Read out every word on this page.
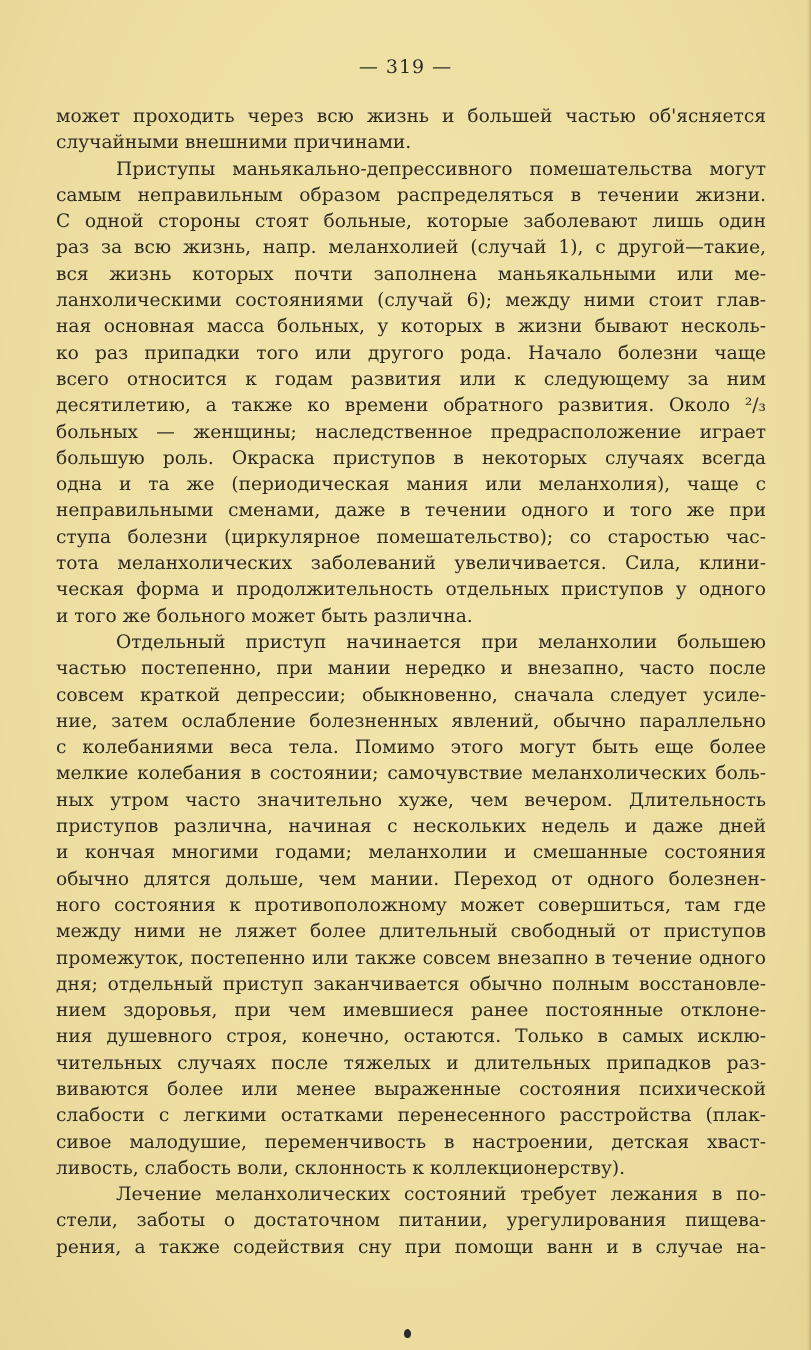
— 319 —
может проходить через всю жизнь и большей частью об'ясняется
случайными внешними причинами.
Приступы маньякально-депрессивного помешательства могут
самым неправильным образом распределяться в течении жизни.
С одной стороны стоят больные, которые заболевают лишь один
раз за всю жизнь, напр. меланхолией (случай 1), с другой—такие,
вся жизнь которых почти заполнена маньякальными или ме-
ланхолическими состояниями (случай 6); между ними стоит глав-
ная основная масса больных, у которых в жизни бывают несколь-
ко раз припадки того или другого рода. Начало болезни чаще
всего относится к годам развития или к следующему за ним
десятилетию, а также ко времени обратного развития. Около ²/₃
больных — женщины; наследственное предрасположение играет
большую роль. Окраска приступов в некоторых случаях всегда
одна и та же (периодическая мания или меланхолия), чаще с
неправильными сменами, даже в течении одного и того же при
ступа болезни (циркулярное помешательство); со старостью час-
тота меланхолических заболеваний увеличивается. Сила, клини-
ческая форма и продолжительность отдельных приступов у одного
и того же больного может быть различна.
Отдельный приступ начинается при меланхолии большею
частью постепенно, при мании нередко и внезапно, часто после
совсем краткой депрессии; обыкновенно, сначала следует усиле-
ние, затем ослабление болезненных явлений, обычно параллельно
с колебаниями веса тела. Помимо этого могут быть еще более
мелкие колебания в состоянии; самочувствие меланхолических боль-
ных утром часто значительно хуже, чем вечером. Длительность
приступов различна, начиная с нескольких недель и даже дней
и кончая многими годами; меланхолии и смешанные состояния
обычно длятся дольше, чем мании. Переход от одного болезнен-
ного состояния к противоположному может совершиться, там где
между ними не ляжет более длительный свободный от приступов
промежуток, постепенно или также совсем внезапно в течение одного
дня; отдельный приступ заканчивается обычно полным восстановле-
нием здоровья, при чем имевшиеся ранее постоянные отклоне-
ния душевного строя, конечно, остаются. Только в самых исклю-
чительных случаях после тяжелых и длительных припадков раз-
виваются более или менее выраженные состояния психической
слабости с легкими остатками перенесенного расстройства (плак-
сивое малодушие, переменчивость в настроении, детская хваст-
ливость, слабость воли, склонность к коллекционерству).
Лечение меланхолических состояний требует лежания в по-
стели, заботы о достаточном питании, урегулирования пищева-
рения, а также содействия сну при помощи ванн и в случае на-
